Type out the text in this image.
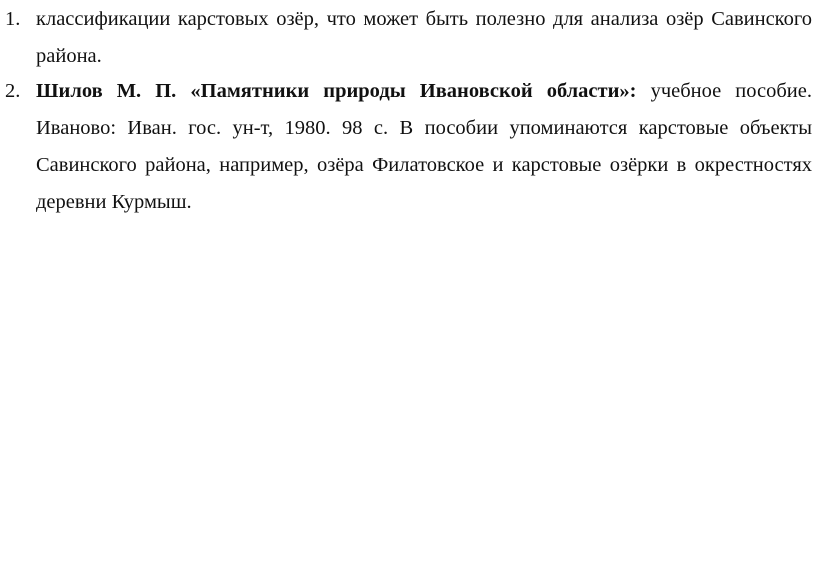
1. классификации карстовых озёр, что может быть полезно для анализа озёр Савинского района.
2. Шилов М. П. «Памятники природы Ивановской области»: учебное пособие. Иваново: Иван. гос. ун-т, 1980. 98 с. В пособии упоминаются карстовые объекты Савинского района, например, озёра Филатовское и карстовые озёрки в окрестностях деревни Курмыш.
